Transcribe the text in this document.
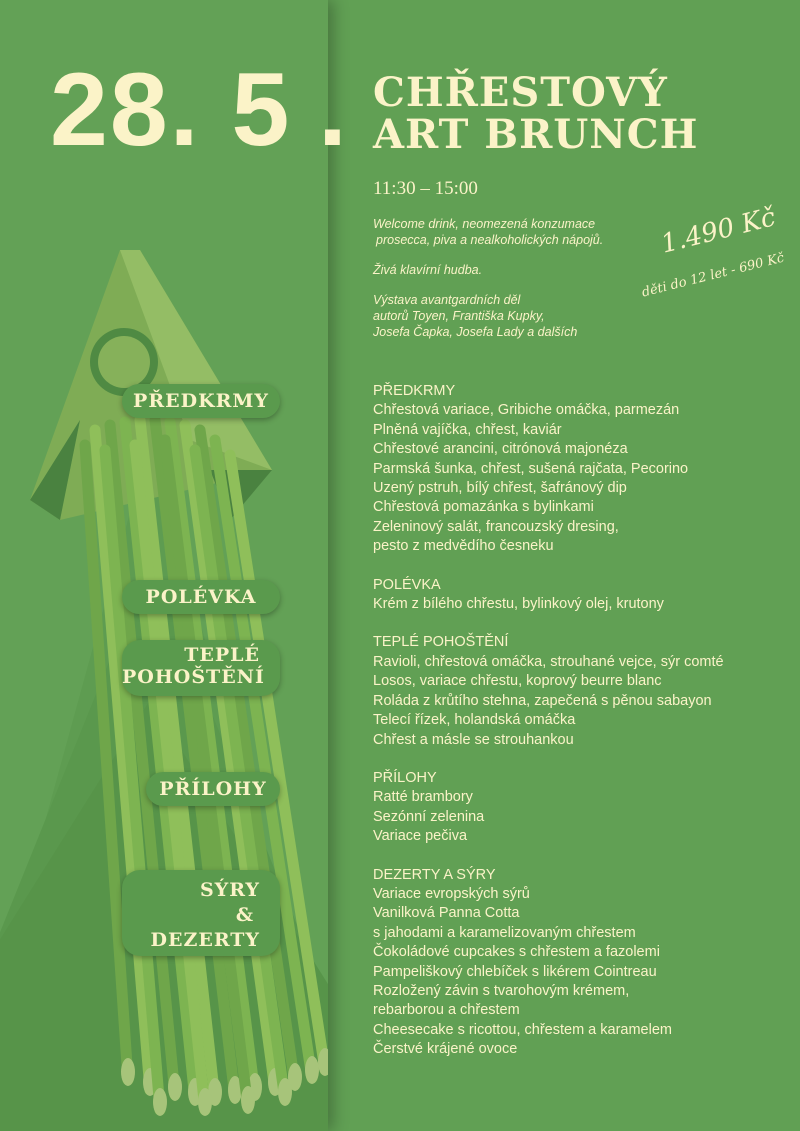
28. 5
PŘEDKRMY
POLÉVKA
TEPLÉ
POHOŠTĚNÍ
PŘÍLOHY
SÝRY
&
DEZERTY
. CHŘESTOVÝ
ART BRUNCH
11:30 – 15:00

Welcome drink, neomezená konzumace
prosecca, piva a nealkoholických nápojů.

Živá klavírní hudba.

Výstava avantgardních děl
autorů Toyen, Františka Kupky,
Josefa Čapka, Josefa Lady a dalších

1.490 Kč
děti do 12 let - 690 Kč
PŘEDKRMY
Chřestová variace, Gribiche omáčka, parmezán
Plněná vajíčka, chřest, kaviár
Chřestové arancini, citrónová majonéza
Parmská šunka, chřest, sušená rajčata, Pecorino
Uzený pstruh, bílý chřest, šafránový dip
Chřestová pomazánka s bylinkami
Zeleninový salát, francouzský dresing,
pesto z medvědího česneku
POLÉVKA
Krém z bílého chřestu, bylinkový olej, krutony
TEPLÉ POHOŠTĚNÍ
Ravioli, chřestová omáčka, strouhané vejce, sýr comté
Losos, variace chřestu, koprový beurre blanc
Roláda z krůtího stehna, zapečená s pěnou sabayon
Telecí řízek, holandská omáčka
Chřest a másle se strouhankou
PŘÍLOHY
Ratté brambory
Sezónní zelenina
Variace pečiva
DEZERTY A SÝRY
Variace evropských sýrů
Vanilková Panna Cotta
s jahodami a karamelizovaným chřestem
Čokoládové cupcakes s chřestem a fazolemi
Pampeliškový chlebíček s likérem Cointreau
Rozložený závin s tvarohovým krémem,
rebarborou a chřestem
Cheesecake s ricottou, chřestem a karamelem
Čerstvé krájené ovoce
